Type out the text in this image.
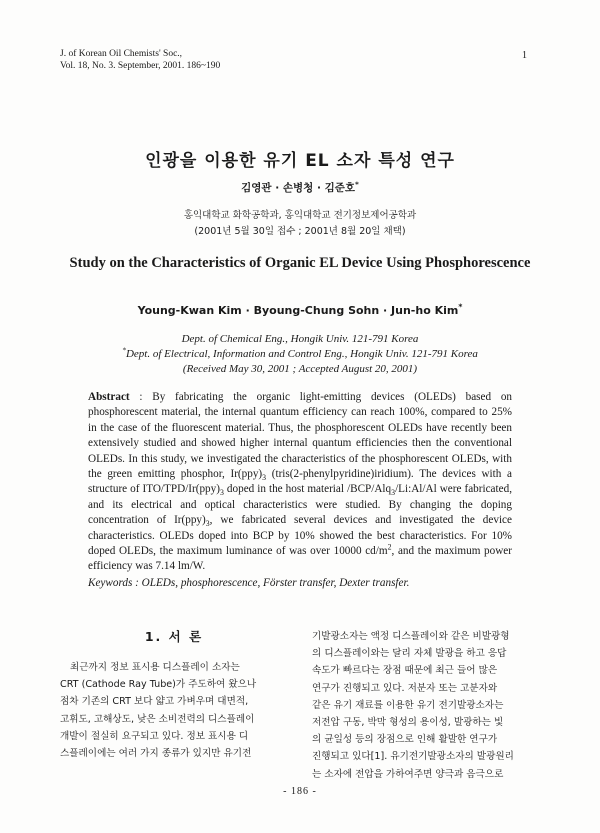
J. of Korean Oil Chemists' Soc.,
Vol. 18, No. 3. September, 2001. 186~190
1
인광을 이용한 유기 EL 소자 특성 연구
김영관 · 손병청 · 김준호*
홍익대학교 화학공학과, 홍익대학교 전기정보제어공학과
(2001년 5월 30일 접수 ; 2001년 8월 20일 채택)
Study on the Characteristics of Organic EL Device Using Phosphorescence
Young-Kwan Kim · Byoung-Chung Sohn · Jun-ho Kim*
Dept. of Chemical Eng., Hongik Univ. 121-791 Korea
*Dept. of Electrical, Information and Control Eng., Hongik Univ. 121-791 Korea
(Received May 30, 2001 ; Accepted August 20, 2001)
Abstract : By fabricating the organic light-emitting devices (OLEDs) based on phosphorescent material, the internal quantum efficiency can reach 100%, compared to 25% in the case of the fluorescent material. Thus, the phosphorescent OLEDs have recently been extensively studied and showed higher internal quantum efficiencies then the conventional OLEDs. In this study, we investigated the characteristics of the phosphorescent OLEDs, with the green emitting phosphor, $Ir(ppy)_3$ (tris(2-phenylpyridine)iridium). The devices with a structure of ITO/$TPD/Ir(ppy)_3$ doped in the host material /BCP/Alq$_3$/Li:Al/Al were fabricated, and its electrical and optical characteristics were studied. By changing the doping concentration of $Ir(ppy)_3$, we fabricated several devices and investigated the device characteristics. OLEDs doped into BCP by 10% showed the best characteristics. For 10% doped OLEDs, the maximum luminance of was over 10000 $cd/m^2$, and the maximum power efficiency was 7.14 lm/W.
Keywords : OLEDs, phosphorescence, Förster transfer, Dexter transfer.
1. 서 론
최근까지 정보 표시용 디스플레이 소자는
CRT (Cathode Ray Tube)가 주도하여 왔으나
점차 기존의 CRT 보다 얇고 가벼우며 대면적,
고휘도, 고해상도, 낮은 소비전력의 디스플레이
개발이 절실히 요구되고 있다. 정보 표시용 디
스플레이에는 여러 가지 종류가 있지만 유기전
기발광소자는 액정 디스플레이와 같은 비발광형
의 디스플레이와는 달리 자체 발광을 하고 응답
속도가 빠르다는 장점 때문에 최근 들어 많은
연구가 진행되고 있다. 저분자 또는 고분자와
같은 유기 재료를 이용한 유기 전기발광소자는
저전압 구동, 박막 형성의 용이성, 발광하는 빛
의 균일성 등의 장점으로 인해 활발한 연구가
진행되고 있다[1]. 유기전기발광소자의 발광원리
는 소자에 전압을 가하여주면 양극과 음극으로
- 186 -
